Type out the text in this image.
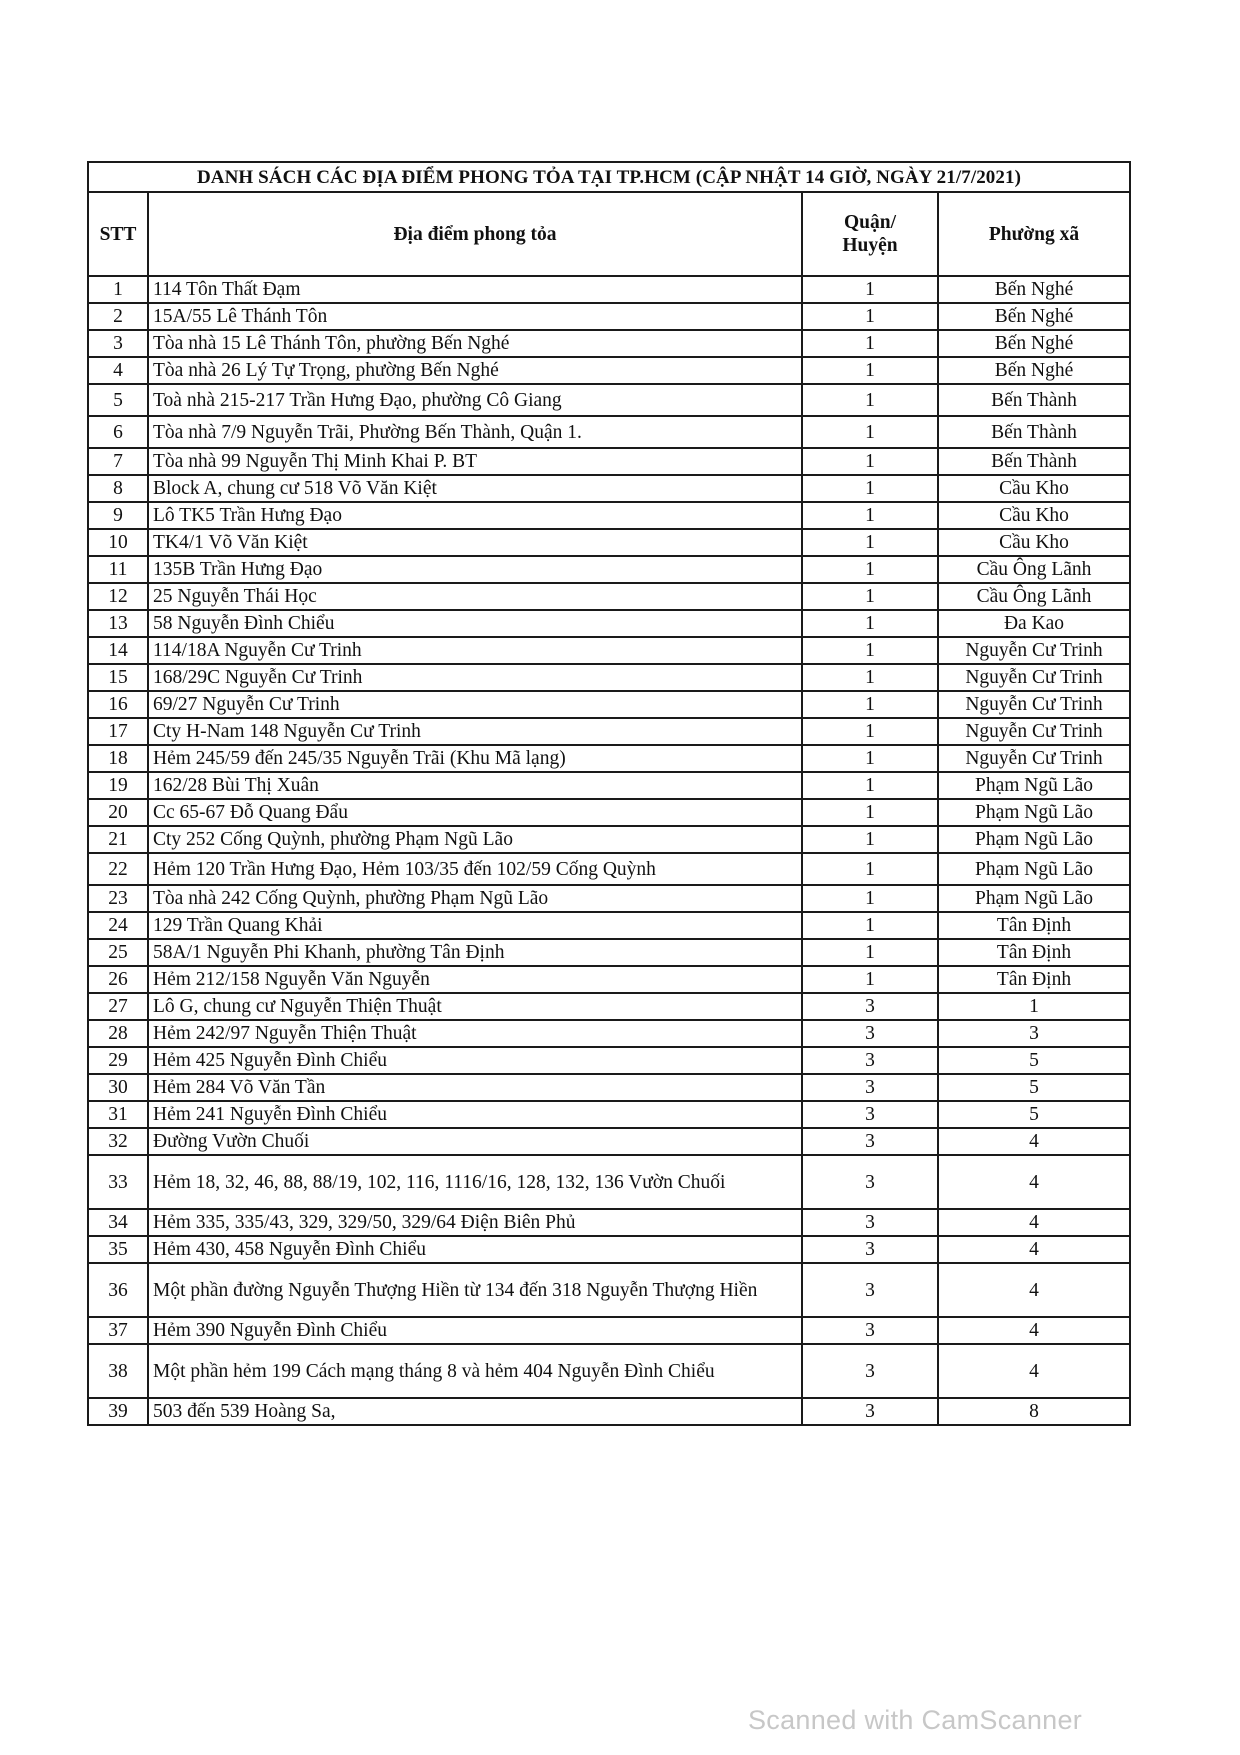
DANH SÁCH CÁC ĐỊA ĐIỂM PHONG TỎA TẠI TP.HCM (CẬP NHẬT 14 GIỜ, NGÀY 21/7/2021)			
STT	Địa điểm phong tỏa	Quận/
Huyện	Phường xã
1	114 Tôn Thất Đạm	1	Bến Nghé
2	15A/55 Lê Thánh Tôn	1	Bến Nghé
3	Tòa nhà 15 Lê Thánh Tôn, phường Bến Nghé	1	Bến Nghé
4	Tòa nhà 26 Lý Tự Trọng, phường Bến Nghé	1	Bến Nghé
5	Toà nhà 215-217 Trần Hưng Đạo, phường Cô Giang	1	Bến Thành
6	Tòa nhà 7/9 Nguyễn Trãi, Phường Bến Thành, Quận 1.	1	Bến Thành
7	Tòa nhà 99 Nguyễn Thị Minh Khai P. BT	1	Bến Thành
8	Block A, chung cư 518 Võ Văn Kiệt	1	Cầu Kho
9	Lô TK5 Trần Hưng Đạo	1	Cầu Kho
10	TK4/1 Võ Văn Kiệt	1	Cầu Kho
11	135B Trần Hưng Đạo	1	Cầu Ông Lãnh
12	25 Nguyễn Thái Học	1	Cầu Ông Lãnh
13	58 Nguyễn Đình Chiểu	1	Đa Kao
14	114/18A Nguyễn Cư Trinh	1	Nguyễn Cư Trinh
15	168/29C Nguyễn Cư Trinh	1	Nguyễn Cư Trinh
16	69/27 Nguyễn Cư Trinh	1	Nguyễn Cư Trinh
17	Cty H-Nam 148 Nguyễn Cư Trinh	1	Nguyễn Cư Trinh
18	Hẻm 245/59 đến 245/35 Nguyễn Trãi (Khu Mã lạng)	1	Nguyễn Cư Trinh
19	162/28 Bùi Thị Xuân	1	Phạm Ngũ Lão
20	Cc 65-67 Đỗ Quang Đẩu	1	Phạm Ngũ Lão
21	Cty 252 Cống Quỳnh, phường Phạm Ngũ Lão	1	Phạm Ngũ Lão
22	Hẻm 120 Trần Hưng Đạo, Hẻm 103/35 đến 102/59 Cống Quỳnh	1	Phạm Ngũ Lão
23	Tòa nhà 242 Cống Quỳnh, phường Phạm Ngũ Lão	1	Phạm Ngũ Lão
24	129 Trần Quang Khải	1	Tân Định
25	58A/1 Nguyễn Phi Khanh, phường Tân Định	1	Tân Định
26	Hẻm 212/158 Nguyễn Văn Nguyễn	1	Tân Định
27	Lô G, chung cư Nguyễn Thiện Thuật	3	1
28	Hẻm 242/97 Nguyễn Thiện Thuật	3	3
29	Hẻm 425 Nguyễn Đình Chiểu	3	5
30	Hẻm 284 Võ Văn Tần	3	5
31	Hẻm 241 Nguyễn Đình Chiểu	3	5
32	Đường Vườn Chuối	3	4
33	Hẻm 18, 32, 46, 88, 88/19, 102, 116, 1116/16, 128, 132, 136 Vườn Chuối	3	4
34	Hẻm 335, 335/43, 329, 329/50, 329/64 Điện Biên Phủ	3	4
35	Hẻm 430, 458 Nguyễn Đình Chiểu	3	4
36	Một phần đường Nguyễn Thượng Hiền từ 134 đến 318 Nguyễn Thượng Hiền	3	4
37	Hẻm 390 Nguyễn Đình Chiểu	3	4
38	Một phần hẻm 199 Cách mạng tháng 8 và hẻm 404 Nguyễn Đình Chiểu	3	4
39	503 đến 539 Hoàng Sa,	3	8
Scanned with CamScanner
